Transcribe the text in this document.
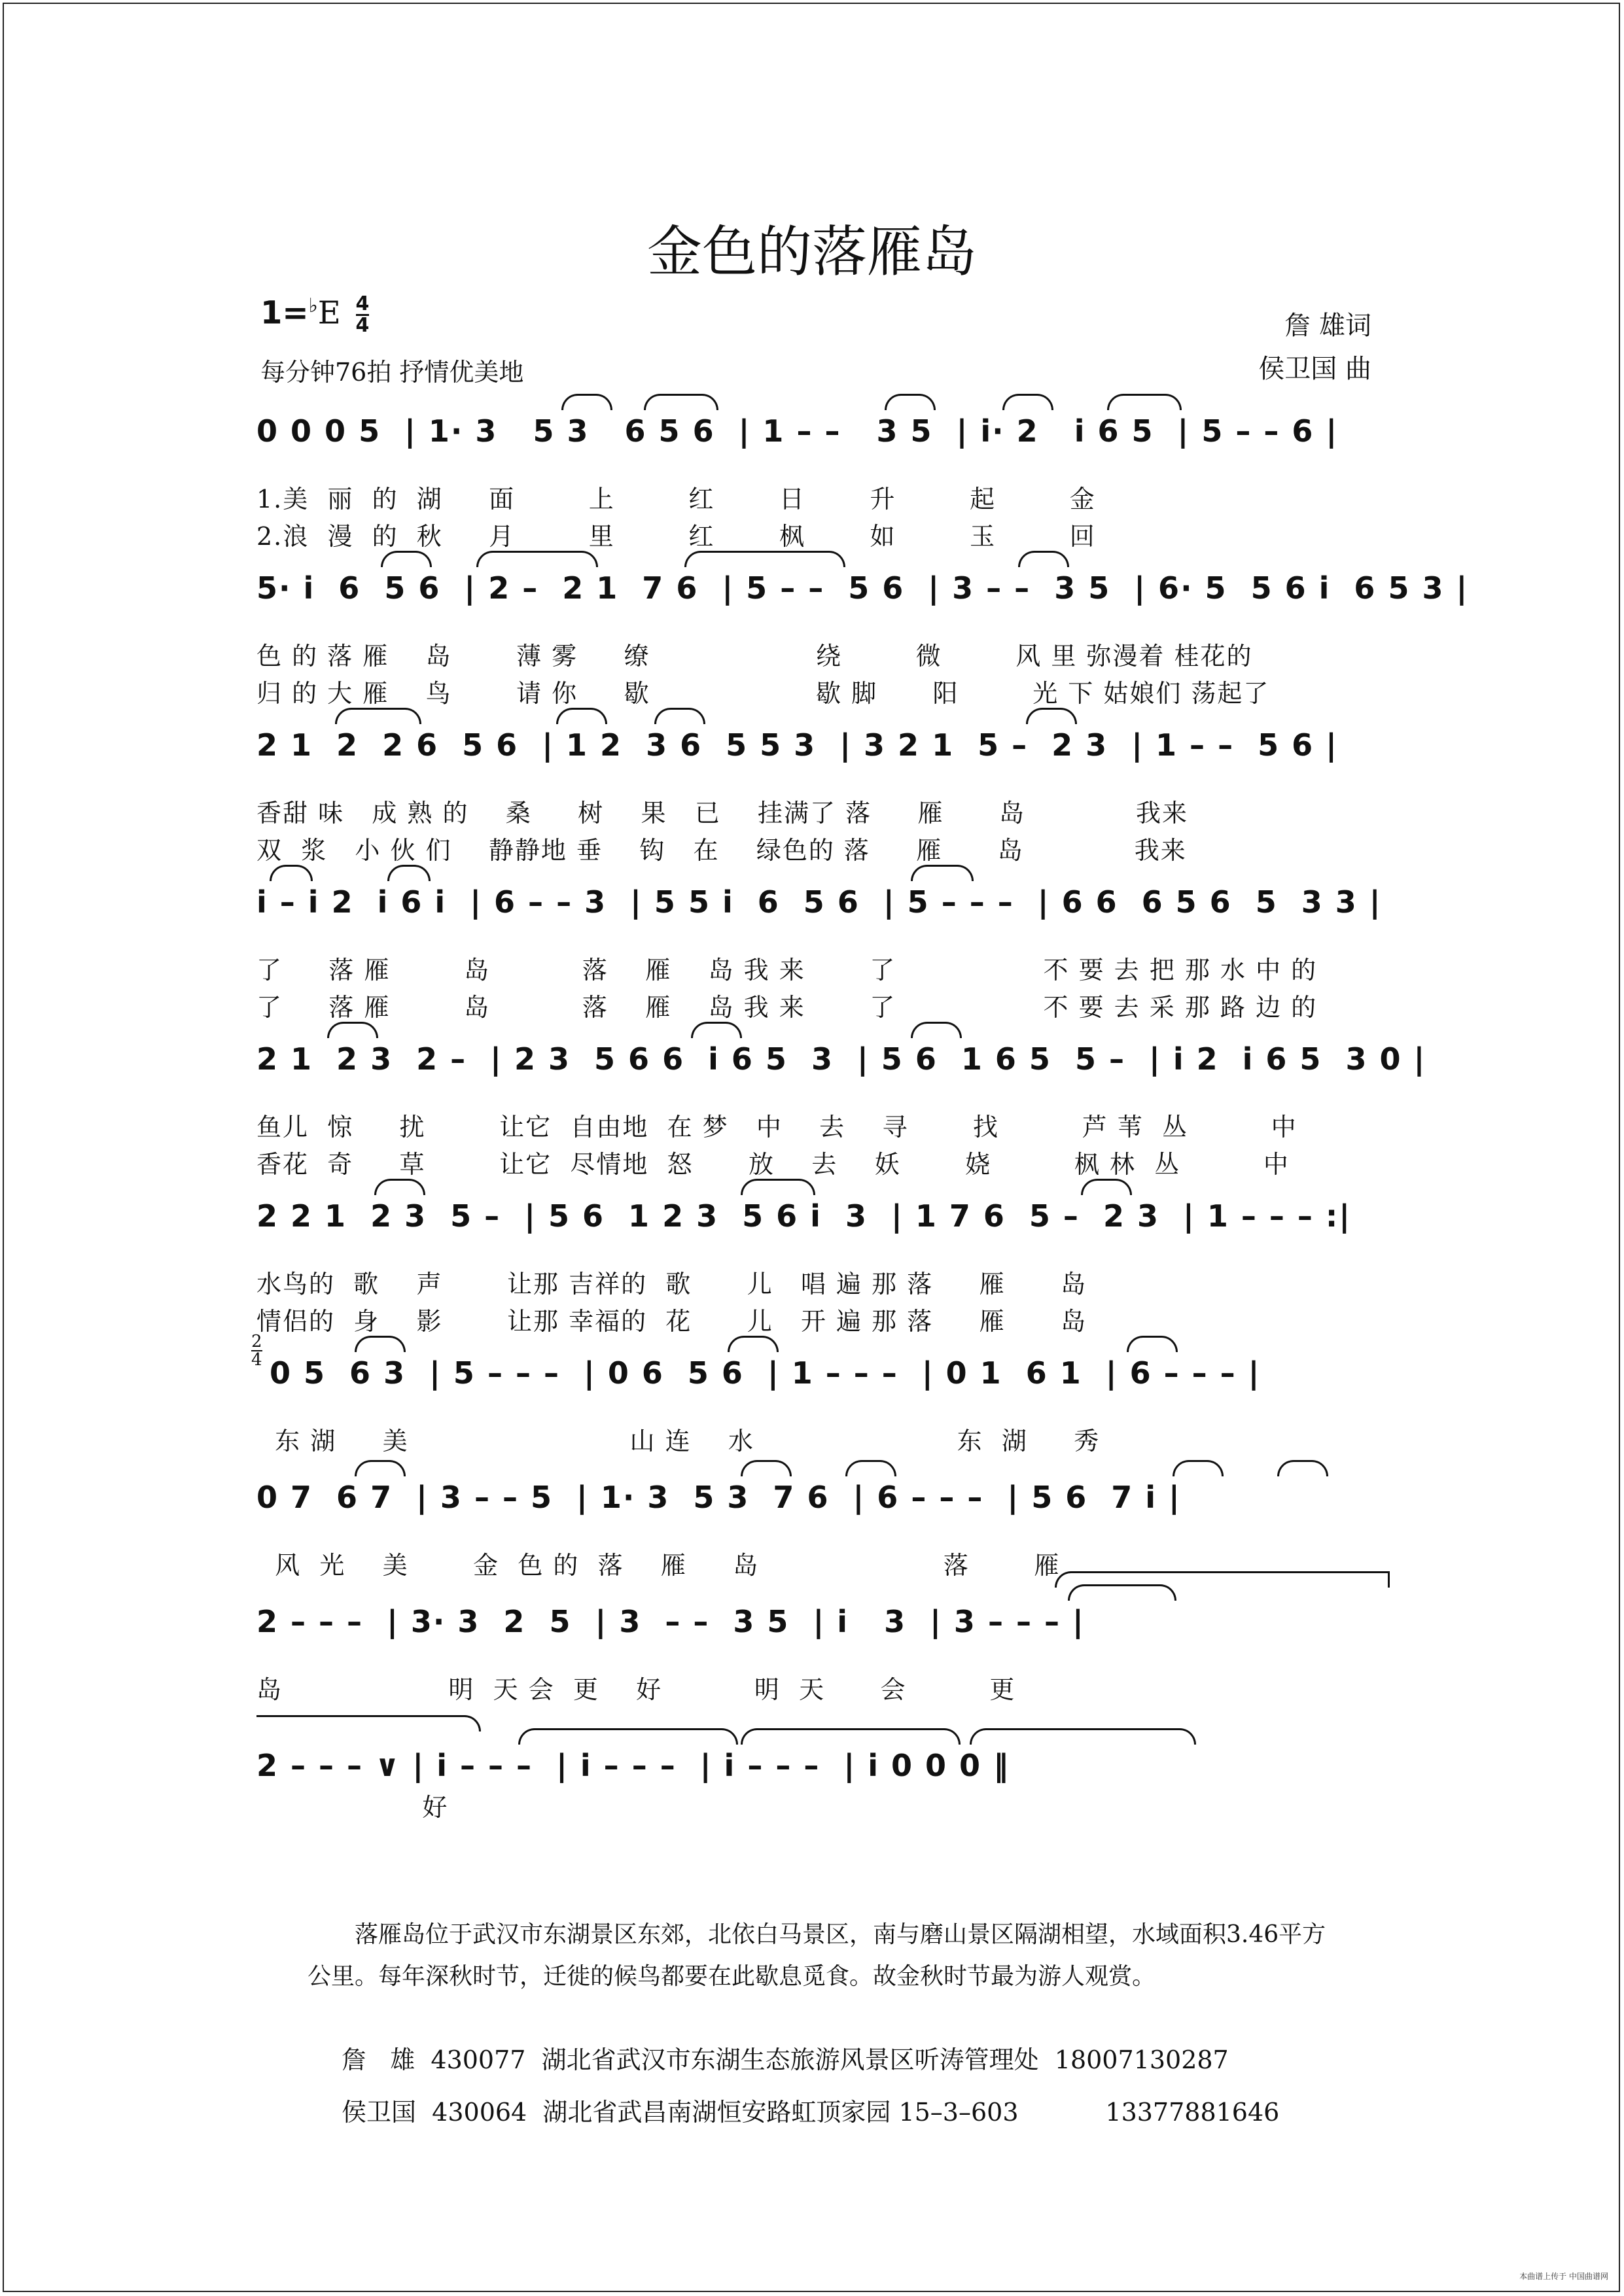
金色的落雁岛
$1=^♭E \frac{4}{4}$
每分钟76拍 抒情优美地
詹 雄词
侯卫国 曲
0 0 0 5  | 1· 3   5 3   6 5 6  | 1 – –   3 5  | i· 2   i 6 5  | 5 – – 6 |
1.美  丽  的  湖     面        上        红       日       升        起        金
2.浪  漫  的  秋     月        里        红       枫       如        玉        回
5· i  6  5 6  | 2 –  2 1  7 6  | 5 – –  5 6  | 3 – –  3 5  | 6· 5  5 6 i  6 5 3 |
色 的 落 雁    岛       薄 雾     缭                  绕        微        风 里 弥漫着 桂花的
归 的 大 雁    鸟       请 你     歇                  歇 脚      阳        光 下 姑娘们 荡起了
2 1  2  2 6  5 6  | 1 2  3 6  5 5 3  | 3 2 1  5 –  2 3  | 1 – –  5 6 |
香甜 味   成 熟 的    桑     树    果   已    挂满了 落     雁      岛            我来
双  浆   小 伙 们    静静地 垂    钩   在    绿色的 落     雁      岛            我来
i – i 2  i 6 i  | 6 – – 3  | 5 5 i  6  5 6  | 5 – – –  | 6 6  6 5 6  5  3 3 |
了     落 雁        岛          落    雁    岛 我 来       了                不 要 去 把 那 水 中 的
了     落 雁        岛          落    雁    岛 我 来       了                不 要 去 采 那 路 边 的
2 1  2 3  2 –  | 2 3  5 6 6  i 6 5  3  | 5 6  1 6 5  5 –  | i 2  i 6 5  3 0 |
鱼儿  惊     扰        让它  自由地  在 梦   中    去    寻       找         芦 苇  丛         中
香花  奇     草        让它  尽情地  怒      放    去    妖       娆         枫 林  丛         中
2 2 1  2 3  5 –  | 5 6  1 2 3  5 6 i  3  | 1 7 6  5 –  2 3  | 1 – – – :|
水鸟的  歌    声       让那 吉祥的  歌      儿   唱 遍 那 落     雁      岛
情侣的  身    影       让那 幸福的  花      儿   开 遍 那 落     雁      岛
2
4 0 5  6 3  | 5 – – –  | 0 6  5 6  | 1 – – –  | 0 1  6 1  | 6 – – – |
东 湖     美                        山 连    水                      东  湖     秀
0 7  6 7  | 3 – – 5  | 1· 3  5 3  7 6  | 6 – – –  | 5 6  7 i |
风  光    美       金  色 的  落    雁     岛                    落       雁
2 – – –  | 3· 3  2  5  | 3  – –  3 5  | i   3  | 3 – – – |
岛                  明  天 会  更    好          明  天      会         更
2 – – – ∨ | i – – –  | i – – –  | i – – –  | i 0 0 0 ‖
好
落雁岛位于武汉市东湖景区东郊，北依白马景区，南与磨山景区隔湖相望，水域面积3.46平方公里。每年深秋时节，迁徙的候鸟都要在此歇息觅食。故金秋时节最为游人观赏。
詹   雄  430077  湖北省武汉市东湖生态旅游风景区听涛管理处  18007130287
侯卫国  430064  湖北省武昌南湖恒安路虹顶家园 15–3–603           13377881646
本曲谱上传于 中国曲谱网
